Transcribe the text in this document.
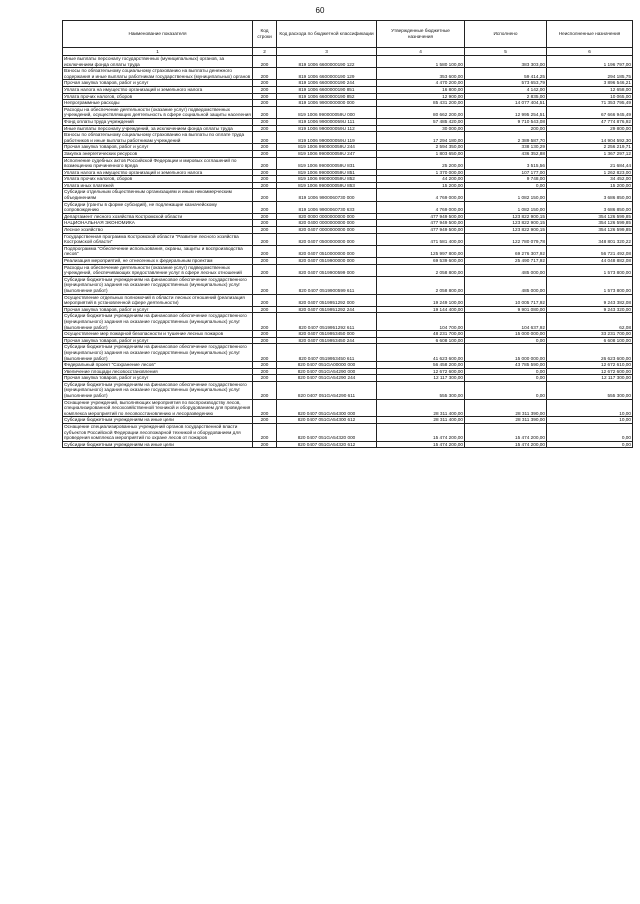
60
Наименование показателя	Код строки	Код расхода по бюджетной классификации	Утвержденные бюджетные назначения	Исполнено	Неисполненные назначения
1	2	3	4	5	6
Иные выплаты персоналу государственных (муниципальных) органов, за исключением фонда оплаты труда	200	819 1006 6600000190 122	1 580 100,00	383 303,00	1 196 797,00
Взносы по обязательному социальному страхованию на выплаты денежного содержания и иные выплаты работникам государственных (муниципальных) органов	200	819 1006 6600000190 129	353 600,00	59 414,25	294 185,75
Прочая закупка товаров, работ и услуг	200	819 1006 6600000190 244	4 470 200,00	573 653,79	3 896 546,21
Уплата налога на имущество организаций и земельного налога	200	819 1006 6600000190 851	16 800,00	4 142,00	12 658,00
Уплата прочих налогов, сборов	200	819 1006 6600000190 852	12 900,00	2 835,00	10 065,00
Непрограммные расходы	200	819 1006 9900000000 000	85 431 200,00	14 077 404,51	71 353 795,49
Расходы на обеспечение деятельности (оказание услуг) подведомственных учреждений, осуществляющих деятельность в сфере социальной защиты населения	200	819 1006 990000059U 000	80 662 200,00	12 995 254,51	67 666 945,49
Фонд оплаты труда учреждений	200	819 1006 990000059U 111	57 485 420,00	9 710 543,08	47 774 876,92
Иные выплаты персоналу учреждений, за исключением фонда оплаты труда	200	819 1006 990000059U 112	30 000,00	200,00	29 800,00
Взносы по обязательному социальному страхованию на выплаты по оплате труда работников и иные выплаты работникам учреждений	200	819 1006 990000059U 119	17 294 180,00	2 389 587,70	14 904 592,30
Прочая закупка товаров, работ и услуг	200	819 1006 990000059U 244	2 594 350,00	338 130,29	2 256 219,71
Закупка энергетических ресурсов	200	819 1006 990000059U 247	1 803 650,00	436 352,88	1 367 297,12
Исполнение судебных актов Российской Федерации и мировых соглашений по возмещению причиненного вреда	200	819 1006 990000059U 831	25 200,00	3 515,56	21 684,44
Уплата налога на имущество организаций и земельного налога	200	819 1006 990000059U 851	1 370 000,00	107 177,00	1 262 823,00
Уплата прочих налогов, сборов	200	819 1006 990000059U 852	44 200,00	9 748,00	34 452,00
Уплата иных платежей	200	819 1006 990000059U 853	15 200,00	0,00	15 200,00
Субсидии отдельным общественным организациям и иным некоммерческим объединениям	200	819 1006 9900060730 000	4 769 000,00	1 082 150,00	3 686 850,00
Субсидии (гранты в форме субсидий), не подлежащие казначейскому сопровождению	200	819 1006 9900060730 633	4 769 000,00	1 082 150,00	3 686 850,00
Департамент лесного хозяйства Костромской области	200	820 0000 0000000000 000	477 949 500,00	123 822 900,15	354 126 599,85
НАЦИОНАЛЬНАЯ ЭКОНОМИКА	200	820 0400 0000000000 000	477 949 500,00	123 822 900,15	354 126 599,85
Лесное хозяйство	200	820 0407 0000000000 000	477 949 500,00	123 822 900,15	354 126 599,85
Государственная программа Костромской области "Развитие лесного хозяйства Костромской области"	200	820 0407 0500000000 000	471 581 400,00	122 780 079,78	348 801 320,22
Подпрограмма "Обеспечение использования, охраны, защиты и воспроизводства лесов"	200	820 0407 0510000000 000	125 997 800,00	69 276 307,92	56 721 492,08
Реализация мероприятий, не отнесенных к федеральным проектам	200	820 0407 0519900000 000	69 539 600,00	25 490 717,92	44 048 882,08
Расходы на обеспечение деятельности (оказание услуг) подведомственных учреждений, обеспечивающих предоставление услуг в сфере лесных отношений	200	820 0407 0519900599 000	2 058 800,00	485 000,00	1 573 800,00
Субсидии бюджетным учреждениям на финансовое обеспечение государственного (муниципального) задания на оказание государственных (муниципальных) услуг (выполнение работ)	200	820 0407 0519900599 611	2 058 800,00	485 000,00	1 573 800,00
Осуществление отдельных полномочий в области лесных отношений (реализация мероприятий в установленной сфере деятельности)	200	820 0407 0519951292 000	19 249 100,00	10 005 717,92	9 243 382,08
Прочая закупка товаров, работ и услуг	200	820 0407 0519951292 244	19 144 400,00	9 901 080,00	9 243 320,00
Субсидии бюджетным учреждениям на финансовое обеспечение государственного (муниципального) задания на оказание государственных (муниципальных) услуг (выполнение работ)	200	820 0407 0519951292 611	104 700,00	104 637,92	62,08
Осуществление мер пожарной безопасности и тушение лесных пожаров	200	820 0407 0519953450 000	48 231 700,00	15 000 000,00	33 231 700,00
Прочая закупка товаров, работ и услуг	200	820 0407 0519953450 244	6 608 100,00	0,00	6 608 100,00
Субсидии бюджетным учреждениям на финансовое обеспечение государственного (муниципального) задания на оказание государственных (муниципальных) услуг (выполнение работ)	200	820 0407 0519953450 611	41 623 600,00	15 000 000,00	26 623 600,00
Федеральный проект "Сохранение лесов"	200	820 0407 051GA00000 000	56 458 200,00	43 785 590,00	12 672 610,00
Увеличение площади лесовосстановления	200	820 0407 051GA54290 000	12 672 600,00	0,00	12 672 600,00
Прочая закупка товаров, работ и услуг	200	820 0407 051GA54290 244	12 117 300,00	0,00	12 117 300,00
Субсидии бюджетным учреждениям на финансовое обеспечение государственного (муниципального) задания на оказание государственных (муниципальных) услуг (выполнение работ)	200	820 0407 051GA54290 611	555 300,00	0,00	555 300,00
Оснащение учреждений, выполняющих мероприятия по воспроизводству лесов, специализированной лесохозяйственной техникой и оборудованием для проведения комплекса мероприятий по лесовосстановлению и лесоразведению	200	820 0407 051GA54300 000	28 311 400,00	28 311 390,00	10,00
Субсидии бюджетным учреждениям на иные цели	200	820 0407 051GA54300 612	28 311 400,00	28 311 390,00	10,00
Оснащение специализированных учреждений органов государственной власти субъектов Российской Федерации лесопожарной техникой и оборудованием для проведения комплекса мероприятий по охране лесов от пожаров	200	820 0407 051GA54320 000	15 474 200,00	15 474 200,00	0,00
Субсидии бюджетным учреждениям на иные цели	200	820 0407 051GA54320 612	15 474 200,00	15 474 200,00	0,00
